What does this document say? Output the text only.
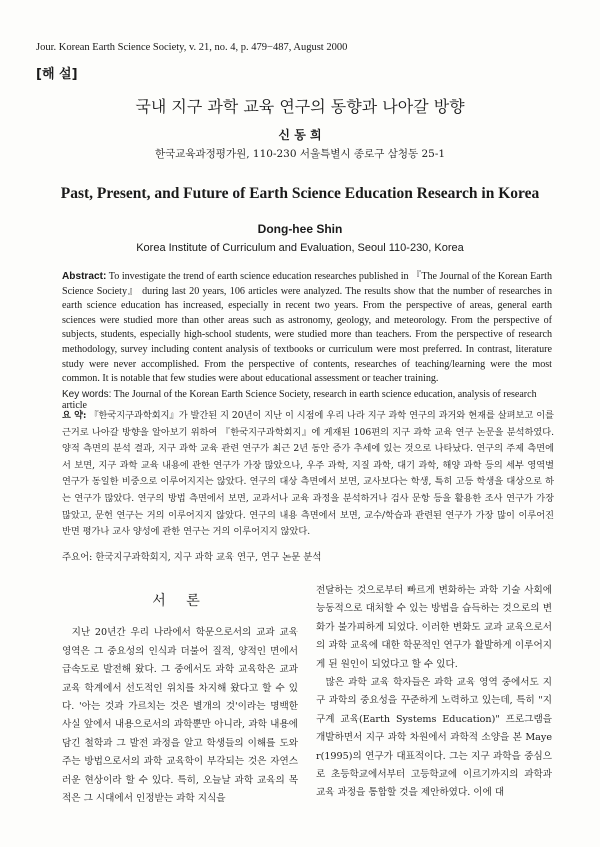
Jour. Korean Earth Science Society, v. 21, no. 4, p. 479−487, August 2000
[해 설]
국내 지구 과학 교육 연구의 동향과 나아갈 방향
신 동 희
한국교육과정평가원, 110-230 서울특별시 종로구 삼청동 25-1
Past, Present, and Future of Earth Science Education Research in Korea
Dong-hee Shin
Korea Institute of Curriculum and Evaluation, Seoul 110-230, Korea
Abstract: To investigate the trend of earth science education researches published in 『The Journal of the Korean Earth Science Society』 during last 20 years, 106 articles were analyzed. The results show that the number of researches in earth science education has increased, especially in recent two years. From the perspective of areas, general earth sciences were studied more than other areas such as astronomy, geology, and meteorology. From the perspective of subjects, students, especially high-school students, were studied more than teachers. From the perspective of research methodology, survey including content analysis of textbooks or curriculum were most preferred. In contrast, literature study were never accomplished. From the perspective of contents, researches of teaching/learning were the most common. It is notable that few studies were about educational assessment or teacher training.
Key words: The Journal of the Korean Earth Science Society, research in earth science education, analysis of research article
요 약: 『한국지구과학회지』가 발간된 지 20년이 지난 이 시점에 우리 나라 지구 과학 연구의 과거와 현재를 살펴보고 이를 근거로 나아갈 방향을 알아보기 위하여 『한국지구과학회지』에 게재된 106편의 지구 과학 교육 연구 논문을 분석하였다. 양적 측면의 분석 결과, 지구 과학 교육 관련 연구가 최근 2년 동안 증가 추세에 있는 것으로 나타났다. 연구의 주제 측면에서 보면, 지구 과학 교육 내용에 관한 연구가 가장 많았으나, 우주 과학, 지질 과학, 대기 과학, 해양 과학 등의 세부 영역별 연구가 동일한 비중으로 이루어지지는 않았다. 연구의 대상 측면에서 보면, 교사보다는 학생, 특히 고등 학생을 대상으로 하는 연구가 많았다. 연구의 방법 측면에서 보면, 교과서나 교육 과정을 분석하거나 검사 문항 등을 활용한 조사 연구가 가장 많았고, 문헌 연구는 거의 이루어지지 않았다. 연구의 내용 측면에서 보면, 교수/학습과 관련된 연구가 가장 많이 이루어진 반면 평가나 교사 양성에 관한 연구는 거의 이루어지지 않았다.
주요어: 한국지구과학회지, 지구 과학 교육 연구, 연구 논문 분석
서 론

지난 20년간 우리 나라에서 학문으로서의 교과 교육 영역은 그 중요성의 인식과 더불어 질적, 양적인 면에서 급속도로 발전해 왔다. 그 중에서도 과학 교육학은 교과 교육 학계에서 선도적인 위치를 차지해 왔다고 할 수 있다. '아는 것과 가르치는 것은 별개의 것'이라는 명백한 사실 앞에서 내용으로서의 과학뿐만 아니라, 과학 내용에 담긴 철학과 그 발전 과정을 알고 학생들의 이해를 도와주는 방법으로서의 과학 교육학이 부각되는 것은 자연스러운 현상이라 할 수 있다. 특히, 오늘날 과학 교육의 목적은 그 시대에서 인정받는 과학 지식을

전달하는 것으로부터 빠르게 변화하는 과학 기술 사회에 능동적으로 대처할 수 있는 방법을 습득하는 것으로의 변화가 불가피하게 되었다. 이러한 변화도 교과 교육으로서의 과학 교육에 대한 학문적인 연구가 활발하게 이루어지게 된 원인이 되었다고 할 수 있다.

많은 과학 교육 학자들은 과학 교육 영역 중에서도 지구 과학의 중요성을 꾸준하게 노력하고 있는데, 특히 "지구계 교육(Earth Systems Education)" 프로그램을 개발하면서 지구 과학 차원에서 과학적 소양을 본 Mayer(1995)의 연구가 대표적이다. 그는 지구 과학을 중심으로 초등학교에서부터 고등학교에 이르기까지의 과학과 교육 과정을 통합할 것을 제안하였다. 이에 대
